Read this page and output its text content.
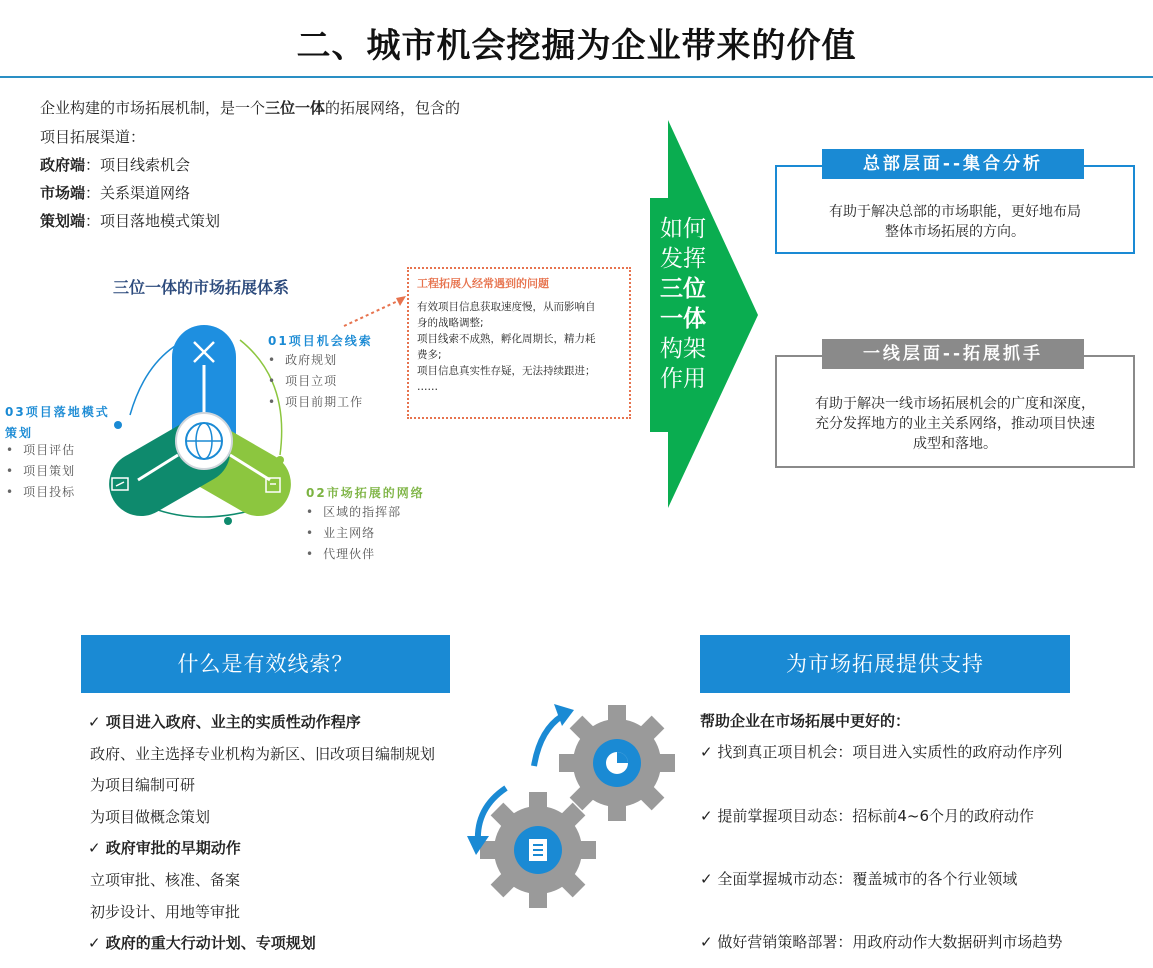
二、城市机会挖掘为企业带来的价值
企业构建的市场拓展机制，是一个三位一体的拓展网络，包含的
项目拓展渠道：
政府端：项目线索机会
市场端：关系渠道网络
策划端：项目落地模式策划
三位一体的市场拓展体系
01项目机会线索
• 政府规划
• 项目立项
• 项目前期工作
02市场拓展的网络
• 区域的指挥部
• 业主网络
• 代理伙伴
03项目落地模式
策划
• 项目评估
• 项目策划
• 项目投标
工程拓展人经常遇到的问题
有效项目信息获取速度慢，从而影响自
身的战略调整;
项目线索不成熟，孵化周期长，精力耗
费多;
项目信息真实性存疑，无法持续跟进；
……
如何
发挥
三位
一体
构架
作用
总部层面--集合分析
有助于解决总部的市场职能，更好地布局
整体市场拓展的方向。
一线层面--拓展抓手
有助于解决一线市场拓展机会的广度和深度，
充分发挥地方的业主关系网络，推动项目快速
成型和落地。
什么是有效线索？
✓ 项目进入政府、业主的实质性动作程序
政府、业主选择专业机构为新区、旧改项目编制规划
为项目编制可研
为项目做概念策划
✓ 政府审批的早期动作
立项审批、核准、备案
初步设计、用地等审批
✓ 政府的重大行动计划、专项规划
为市场拓展提供支持
帮助企业在市场拓展中更好的：
✓ 找到真正项目机会：项目进入实质性的政府动作序列
✓ 提前掌握项目动态：招标前4~6个月的政府动作
✓ 全面掌握城市动态：覆盖城市的各个行业领域
✓ 做好营销策略部署：用政府动作大数据研判市场趋势
